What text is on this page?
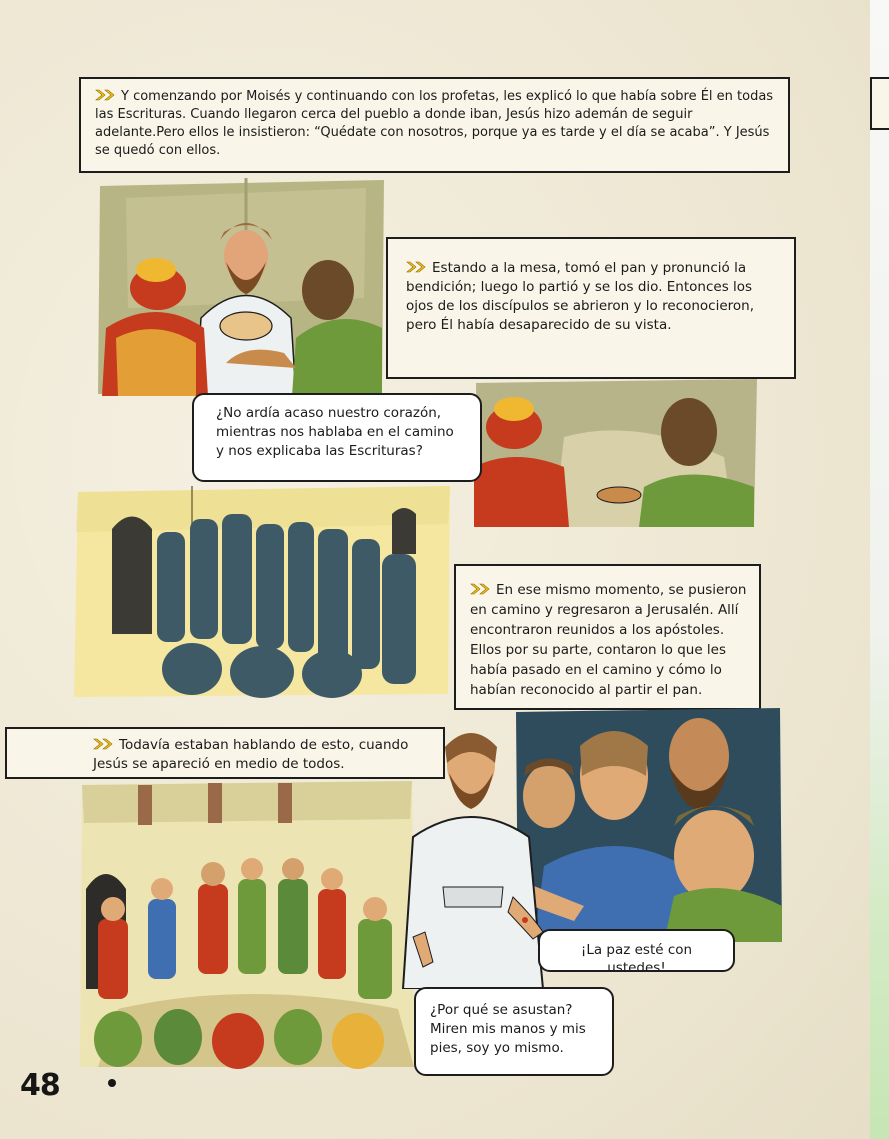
Y comenzando por Moisés y continuando con los profetas, les explicó lo que había sobre Él en todas las Escrituras. Cuando llegaron cerca del pueblo a donde iban, Jesús hizo ademán de seguir adelante.Pero ellos le insistieron: “Quédate con nosotros, porque ya es tarde y el día se acaba”. Y Jesús se quedó con ellos.
Estando a la mesa, tomó el pan y pronunció la bendición; luego lo partió y se los dio. Entonces los ojos de los discípulos se abrieron y lo reconocieron, pero Él había desaparecido de su vista.
¿No ardía acaso nuestro corazón, mientras nos hablaba en el camino y nos explicaba las Escrituras?
En ese mismo momento, se pusieron en camino y regresaron a Jerusalén. Allí encontraron reunidos a los apóstoles. Ellos por su parte, contaron lo que les había pasado en el camino y cómo lo habían reconocido al partir el pan.
Todavía estaban hablando de esto, cuando Jesús se apareció en medio de todos.
¡La paz esté con ustedes!
¿Por qué se asustan? Miren mis manos y mis pies, soy yo mismo.
48
